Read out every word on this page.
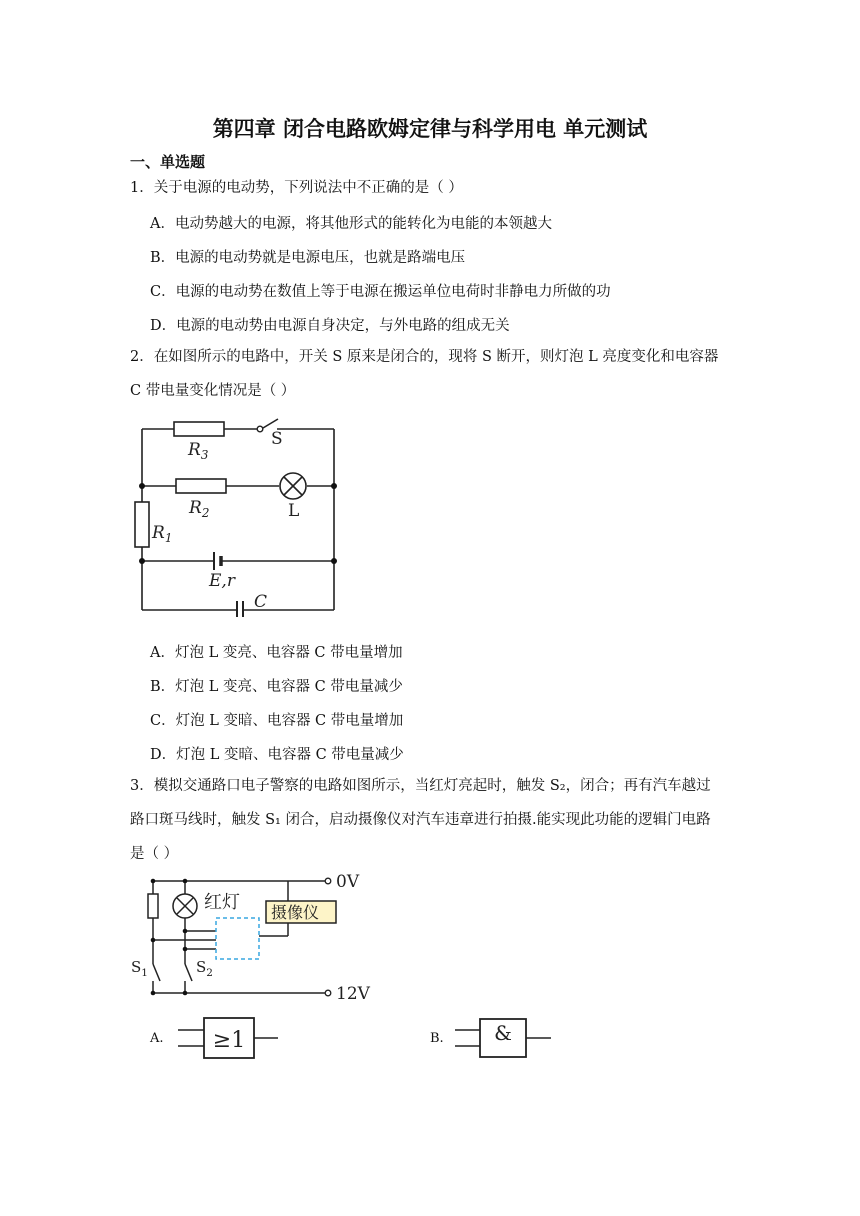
第四章 闭合电路欧姆定律与科学用电 单元测试
一、单选题
1．关于电源的电动势，下列说法中不正确的是（ ）
A．电动势越大的电源，将其他形式的能转化为电能的本领越大
B．电源的电动势就是电源电压，也就是路端电压
C．电源的电动势在数值上等于电源在搬运单位电荷时非静电力所做的功
D．电源的电动势由电源自身决定，与外电路的组成无关
2．在如图所示的电路中，开关 S 原来是闭合的，现将 S 断开，则灯泡 L 亮度变化和电容器
C 带电量变化情况是（ ）
$R_3$
$R_2$
$R_1$
E,r
C
S
L
A．灯泡 L 变亮、电容器 C 带电量增加
B．灯泡 L 变亮、电容器 C 带电量减少
C．灯泡 L 变暗、电容器 C 带电量增加
D．灯泡 L 变暗、电容器 C 带电量减少
3．模拟交通路口电子警察的电路如图所示，当红灯亮起时，触发 S₂，闭合；再有汽车越过
路口斑马线时，触发 S₁ 闭合，启动摄像仪对汽车违章进行拍摄.能实现此功能的逻辑门电路
是（ ）
0V
12V
红灯 摄像仪
$S_1$	$S_2$
A. ≥1	B.	&
